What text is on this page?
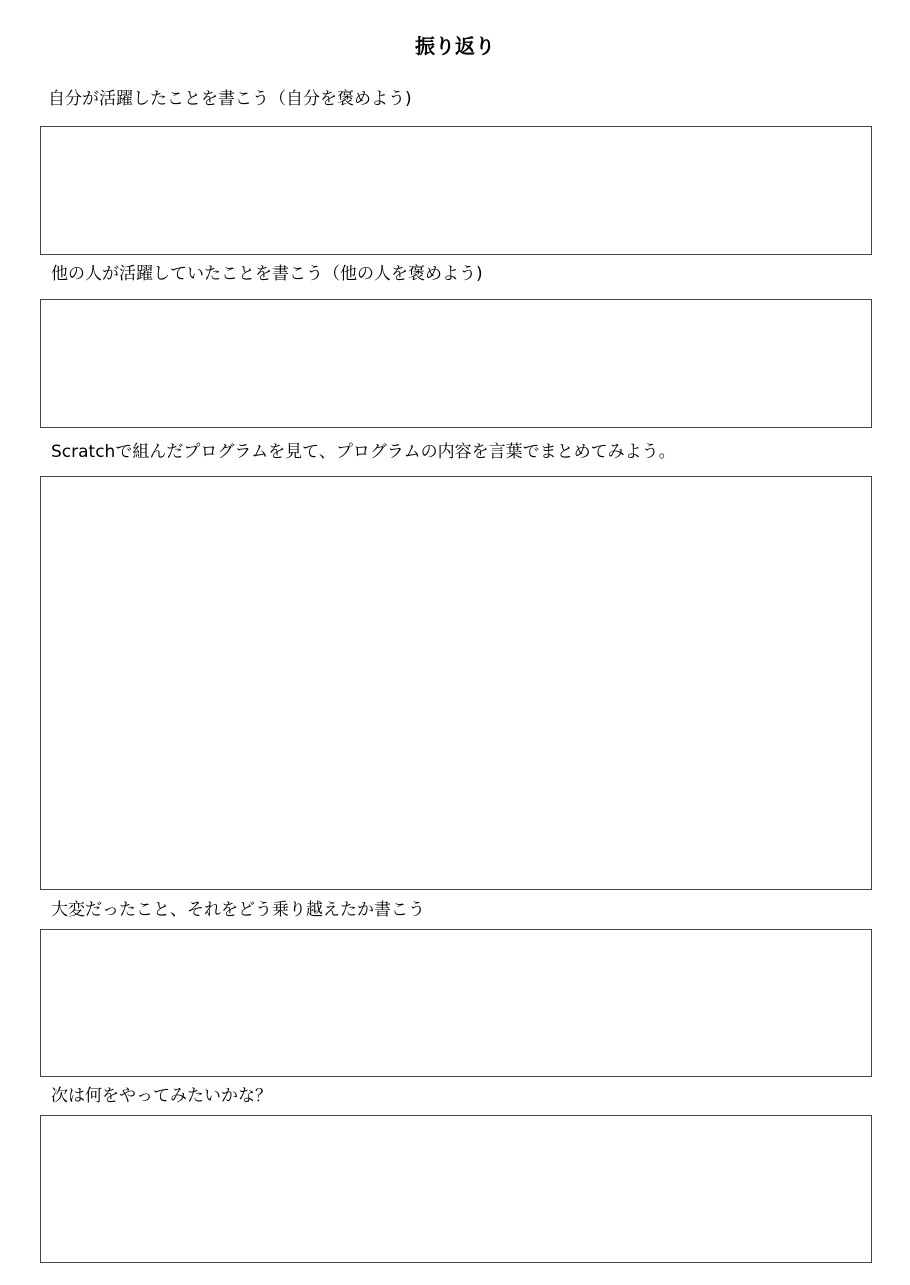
振り返り
自分が活躍したことを書こう（自分を褒めよう)
他の人が活躍していたことを書こう（他の人を褒めよう)
Scratchで組んだプログラムを見て、プログラムの内容を言葉でまとめてみよう。
大変だったこと、それをどう乗り越えたか書こう
次は何をやってみたいかな？
